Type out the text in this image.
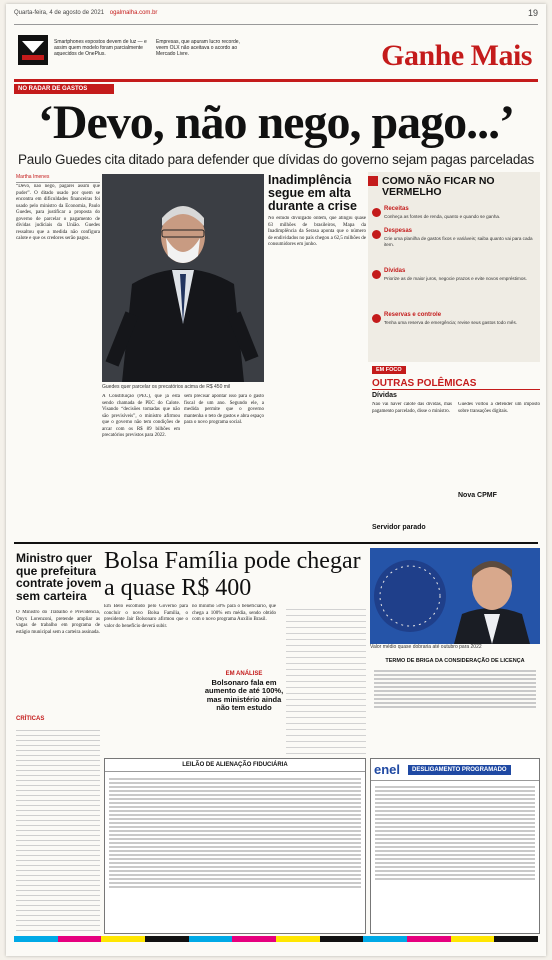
Quarta-feira, 4 de agosto de 2021 ogalmalha.com.br	19
Smartphones expostos devem de luz — e assim quem modelo foram parcialmente aquecidos de OnePlus.
Empresas, que apuram lucro recorde, veem OLX não aceitava o acordo ao Mercado Livre.	Ganhe Mais
NO RADAR DE GASTOS
‘Devo, não nego, pago...’
Paulo Guedes cita ditado para defender que dívidas do governo sejam pagas parceladas
Martha Imenes
“Devo, não nego, pagarei assim que puder”. O ditado usado por quem se encontra em dificuldades financeiras foi usado pelo ministro da Economia, Paulo Guedes, para justificar a proposta do governo de parcelar o pagamento de dívidas judiciais da União. Guedes ressaltou que a medida não configura calote e que os credores serão pagos.
Guedes quer parcelar os precatórios acima de R$ 450 mil
A Constituição (PEC), que já está sendo chamada de PEC do Calote. Visando “decisões tomadas que não são previsíveis”, o ministro afirmou que o governo não tem condições de arcar com os R$ 89 bilhões em precatórios previstos para 2022.
sem precisar apontar isso para o gasto fiscal de um ano. Segundo ele, a medida permite que o governo mantenha o teto de gastos e abra espaço para o novo programa social.
Inadimplência segue em alta durante a crise
No estudo divulgado ontem, que atingiu quase 63 milhões de brasileiros, Mapa da Inadimplência da Serasa aponta que o número de endividados no país chegou a 62,5 milhões de consumidores em junho.
COMO NÃO FICAR NO VERMELHO
Receitas
Conheça as fontes de renda, quanto e quando se ganha.
Despesas
Crie uma planilha de gastos fixos e variáveis; saiba quanto vai para cada item.
Dívidas
Priorize as de maior juros, negocie prazos e evite novos empréstimos.
Reservas e controle
Tenha uma reserva de emergência; revise seus gastos todo mês.
EM FOCO
OUTRAS POLÊMICAS
Dívidas
Não vai haver calote das dívidas, mas pagamento parcelado, disse o ministro.
Servidor parado
Nova CPMF
Guedes voltou a defender um imposto sobre transações digitais.
Ministro quer que prefeitura contrate jovem sem carteira
O Ministro do Trabalho e Previdência, Onyx Lorenzoni, pretende ampliar as vagas de trabalho em programa de estágio municipal sem a carteira assinada.
CRÍTICAS
Bolsa Família pode chegar a quase R$ 400
Em Belo escolhido pelo Governo para concluir o novo Bolsa Família, o presidente Jair Bolsonaro afirmou que o valor do benefício deverá subir.
no mínimo 50% para o beneficiário, que chega a 100% em média, sendo obtido com o novo programa Auxílio Brasil.
EM ANÁLISE
Bolsonaro fala em aumento de até 100%, mas ministério ainda não tem estudo
Valor médio quase dobraria até outubro para 2022
TERMO DE BRIGA DA CONSIDERAÇÃO DE LICENÇA
LEILÃO DE ALIENAÇÃO FIDUCIÁRIA	enel	DESLIGAMENTO PROGRAMADO
